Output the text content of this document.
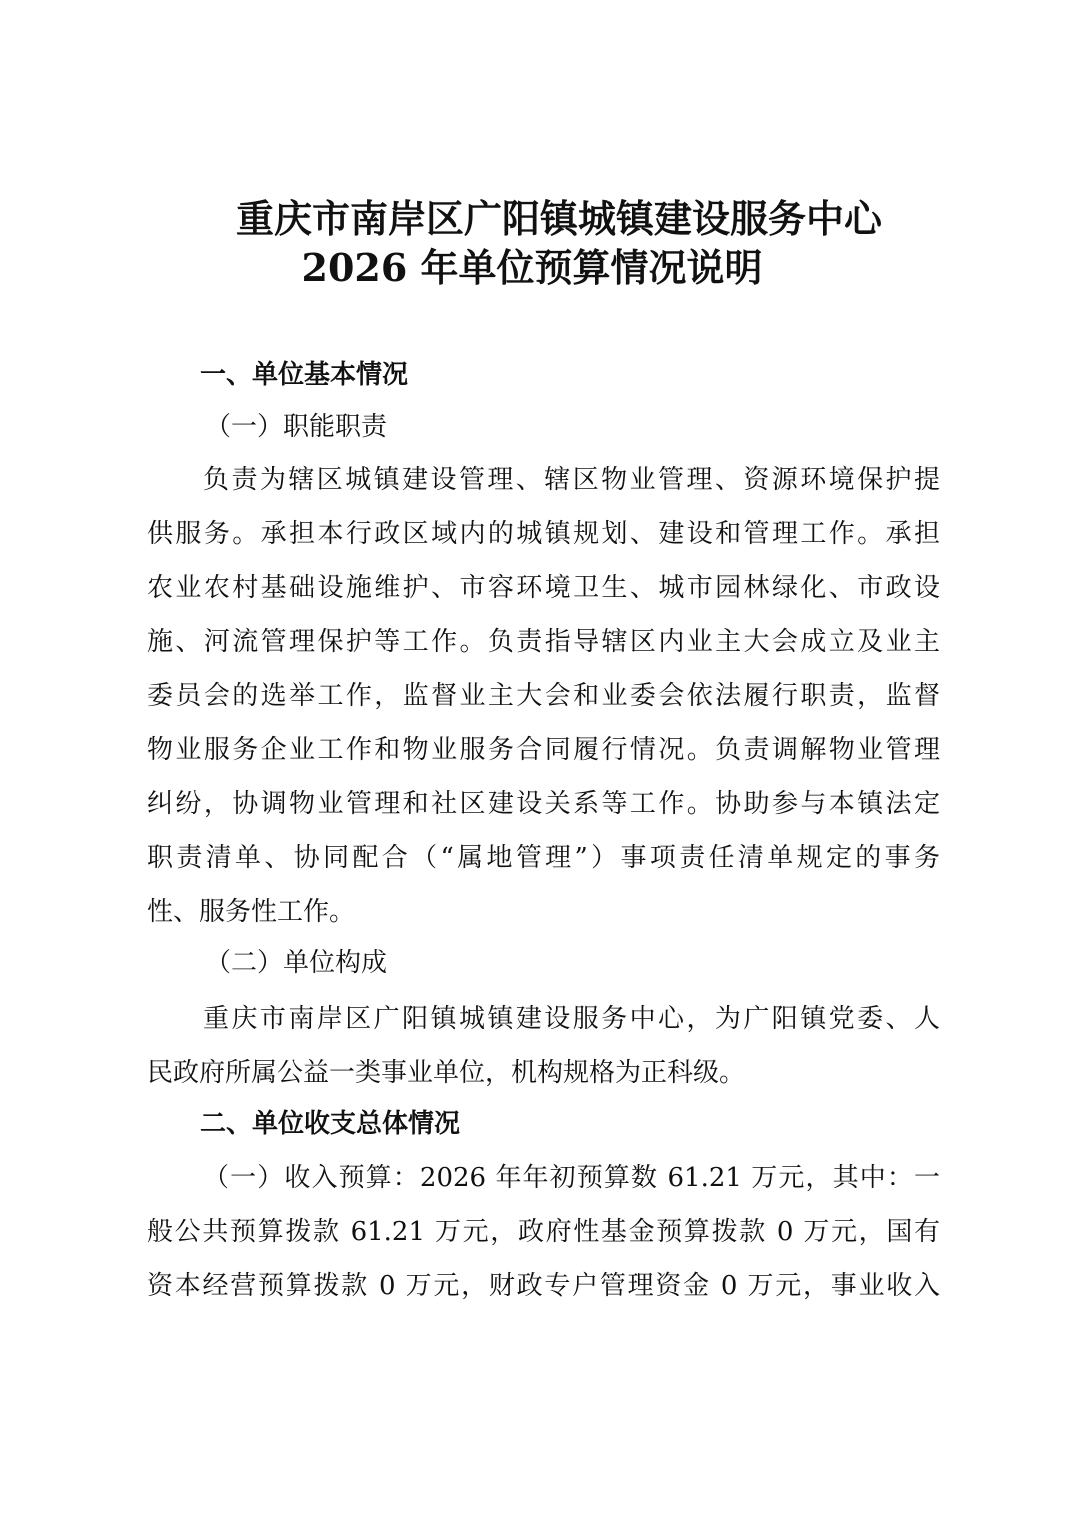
重庆市南岸区广阳镇城镇建设服务中心
2026 年单位预算情况说明
一、单位基本情况
（一）职能职责
负责为辖区城镇建设管理、辖区物业管理、资源环境保护提
供服务。承担本行政区域内的城镇规划、建设和管理工作。承担
农业农村基础设施维护、市容环境卫生、城市园林绿化、市政设
施、河流管理保护等工作。负责指导辖区内业主大会成立及业主
委员会的选举工作，监督业主大会和业委会依法履行职责，监督
物业服务企业工作和物业服务合同履行情况。负责调解物业管理
纠纷，协调物业管理和社区建设关系等工作。协助参与本镇法定
职责清单、协同配合（“属地管理”）事项责任清单规定的事务
性、服务性工作。
（二）单位构成
重庆市南岸区广阳镇城镇建设服务中心，为广阳镇党委、人
民政府所属公益一类事业单位，机构规格为正科级。
二、单位收支总体情况
（一）收入预算：2026 年年初预算数 61.21 万元，其中：一
般公共预算拨款 61.21 万元，政府性基金预算拨款 0 万元，国有
资本经营预算拨款 0 万元，财政专户管理资金 0 万元，事业收入
